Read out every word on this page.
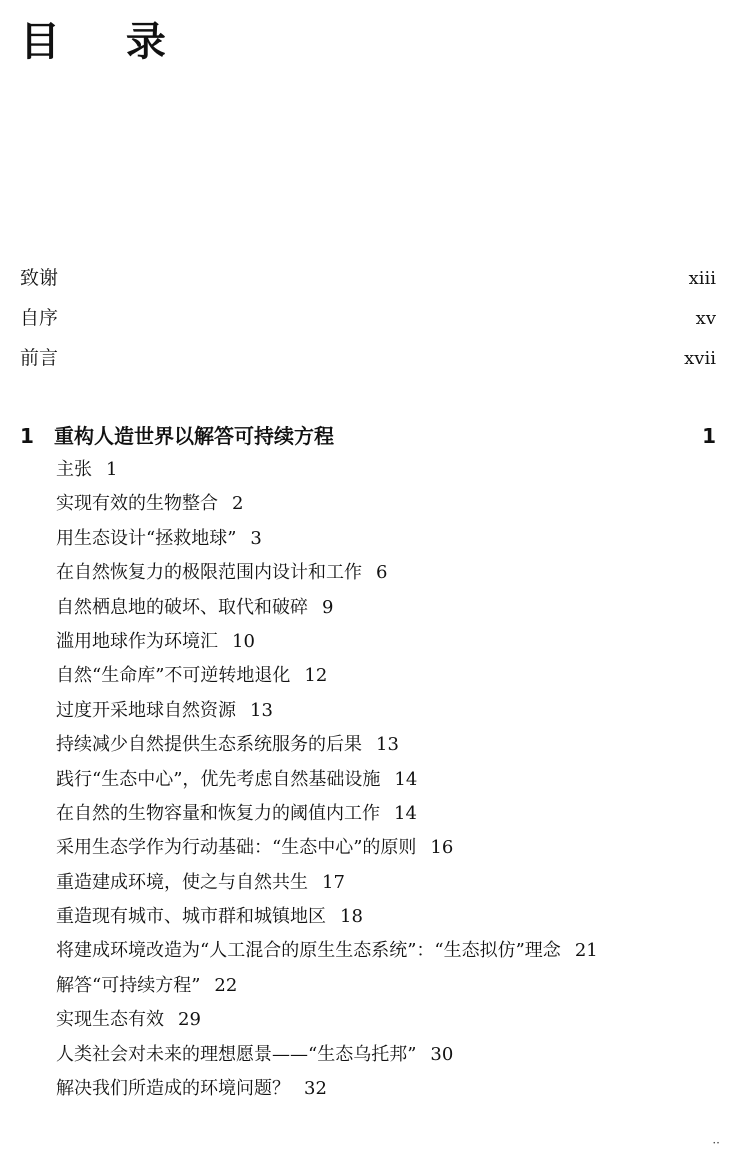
目 录
致谢	xiii
自序	xv
前言	xvii
1 重构人造世界以解答可持续方程	1
主张 1
实现有效的生物整合 2
用生态设计“拯救地球” 3
在自然恢复力的极限范围内设计和工作 6
自然栖息地的破坏、取代和破碎 9
滥用地球作为环境汇 10
自然“生命库”不可逆转地退化 12
过度开采地球自然资源 13
持续减少自然提供生态系统服务的后果 13
践行“生态中心”，优先考虑自然基础设施 14
在自然的生物容量和恢复力的阈值内工作 14
采用生态学作为行动基础：“生态中心”的原则 16
重造建成环境，使之与自然共生 17
重造现有城市、城市群和城镇地区 18
将建成环境改造为“人工混合的原生生态系统”：“生态拟仿”理念 21
解答“可持续方程” 22
实现生态有效 29
人类社会对未来的理想愿景——“生态乌托邦” 30
解决我们所造成的环境问题？ 32
··
